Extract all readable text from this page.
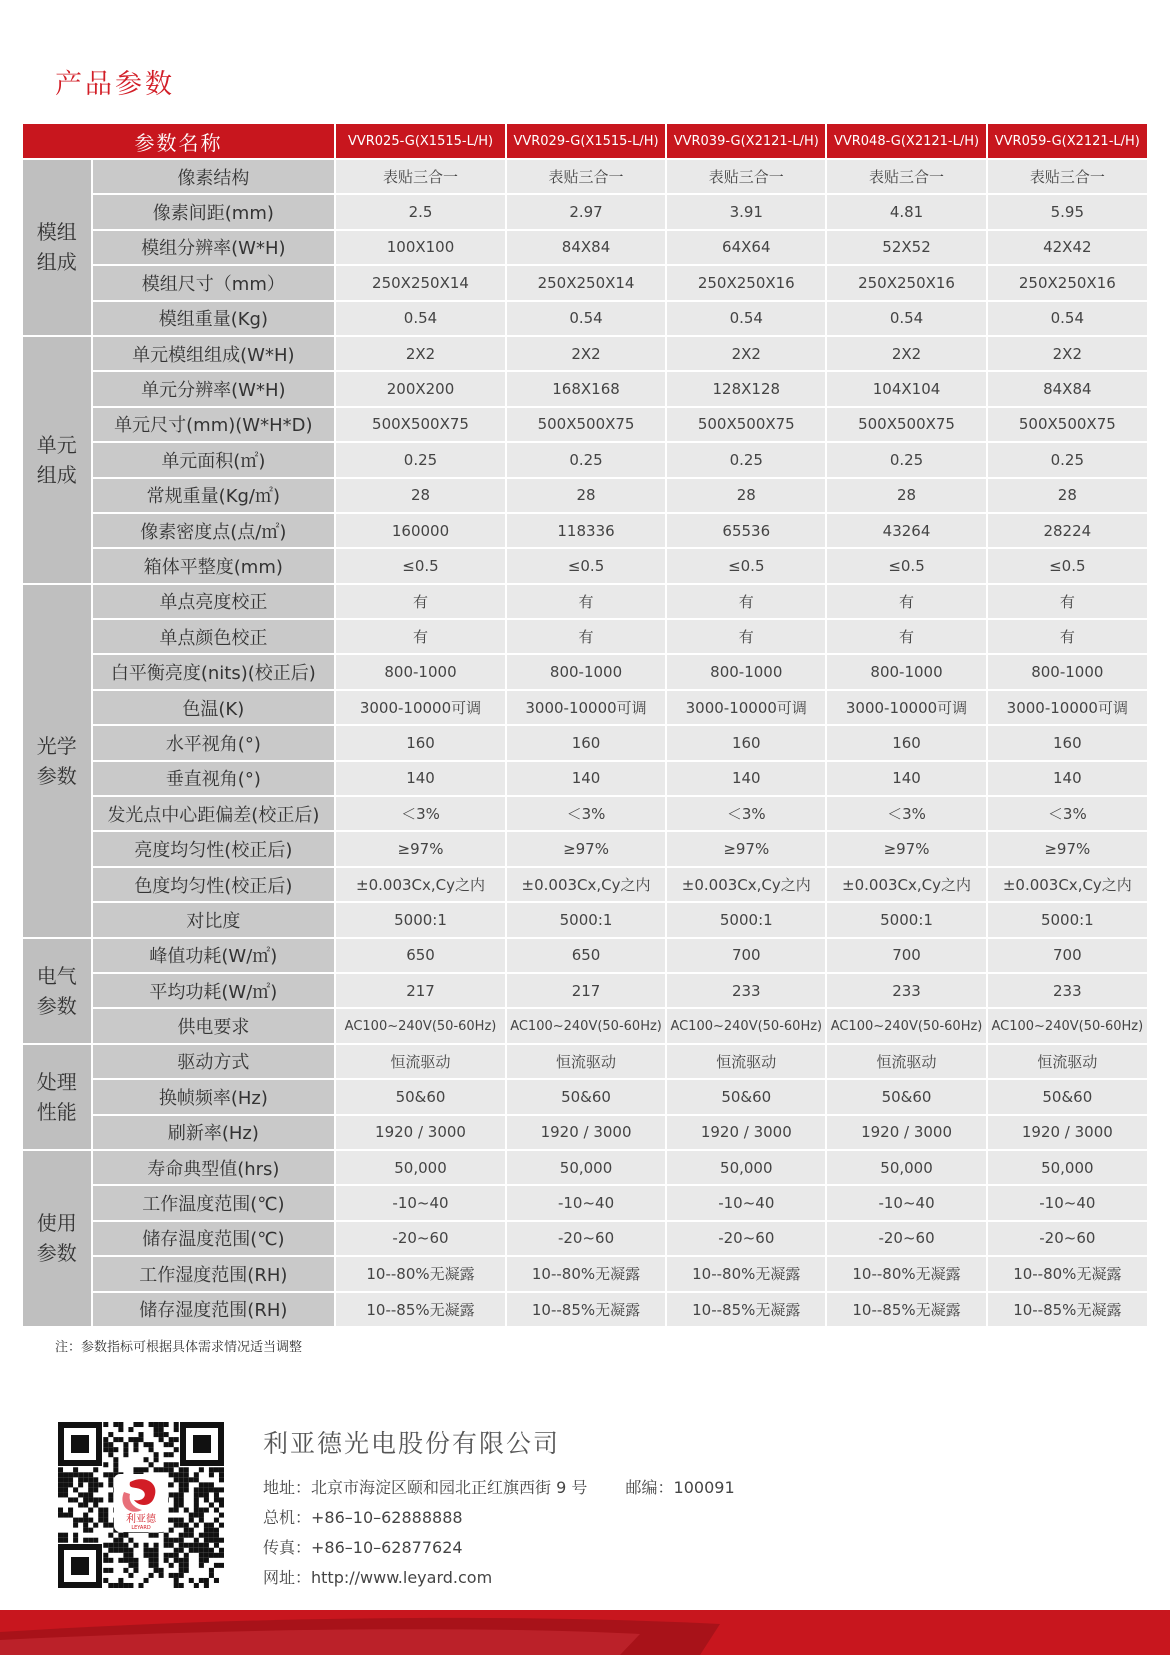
产品参数
参数名称		VVR025-G(X1515-L/H)	VVR029-G(X1515-L/H)	VVR039-G(X2121-L/H)	VVR048-G(X2121-L/H)	VVR059-G(X2121-L/H)
模组
组成	像素结构	表贴三合一	表贴三合一	表贴三合一	表贴三合一	表贴三合一
	像素间距(mm)	2.5	2.97	3.91	4.81	5.95
	模组分辨率(W*H)	100X100	84X84	64X64	52X52	42X42
	模组尺寸（mm）	250X250X14	250X250X14	250X250X16	250X250X16	250X250X16
	模组重量(Kg)	0.54	0.54	0.54	0.54	0.54
单元
组成	单元模组组成(W*H)	2X2	2X2	2X2	2X2	2X2
	单元分辨率(W*H)	200X200	168X168	128X128	104X104	84X84
	单元尺寸(mm)(W*H*D)	500X500X75	500X500X75	500X500X75	500X500X75	500X500X75
	单元面积(㎡)	0.25	0.25	0.25	0.25	0.25
	常规重量(Kg/㎡)	28	28	28	28	28
	像素密度点(点/㎡)	160000	118336	65536	43264	28224
	箱体平整度(mm)	≤0.5	≤0.5	≤0.5	≤0.5	≤0.5
光学
参数	单点亮度校正	有	有	有	有	有
	单点颜色校正	有	有	有	有	有
	白平衡亮度(nits)(校正后)	800-1000	800-1000	800-1000	800-1000	800-1000
	色温(K)	3000-10000可调	3000-10000可调	3000-10000可调	3000-10000可调	3000-10000可调
	水平视角(°)	160	160	160	160	160
	垂直视角(°)	140	140	140	140	140
	发光点中心距偏差(校正后)	＜3%	＜3%	＜3%	＜3%	＜3%
	亮度均匀性(校正后)	≥97%	≥97%	≥97%	≥97%	≥97%
	色度均匀性(校正后)	±0.003Cx,Cy之内	±0.003Cx,Cy之内	±0.003Cx,Cy之内	±0.003Cx,Cy之内	±0.003Cx,Cy之内
	对比度	5000:1	5000:1	5000:1	5000:1	5000:1
电气
参数	峰值功耗(W/㎡)	650	650	700	700	700
	平均功耗(W/㎡)	217	217	233	233	233
	供电要求	AC100~240V(50-60Hz)	AC100~240V(50-60Hz)	AC100~240V(50-60Hz)	AC100~240V(50-60Hz)	AC100~240V(50-60Hz)
处理
性能	驱动方式	恒流驱动	恒流驱动	恒流驱动	恒流驱动	恒流驱动
	换帧频率(Hz)	50&60	50&60	50&60	50&60	50&60
	刷新率(Hz)	1920 / 3000	1920 / 3000	1920 / 3000	1920 / 3000	1920 / 3000
使用
参数	寿命典型值(hrs)	50,000	50,000	50,000	50,000	50,000
	工作温度范围(℃)	-10~40	-10~40	-10~40	-10~40	-10~40
	储存温度范围(℃)	-20~60	-20~60	-20~60	-20~60	-20~60
	工作湿度范围(RH)	10--80%无凝露	10--80%无凝露	10--80%无凝露	10--80%无凝露	10--80%无凝露
	储存湿度范围(RH)	10--85%无凝露	10--85%无凝露	10--85%无凝露	10--85%无凝露	10--85%无凝露
注：参数指标可根据具体需求情况适当调整
利亚德
LEYARD
利亚德光电股份有限公司
地址：北京市海淀区颐和园北正红旗西街 9 号 邮编：100091
总机：+86–10–62888888
传真：+86–10–62877624
网址：http://www.leyard.com
